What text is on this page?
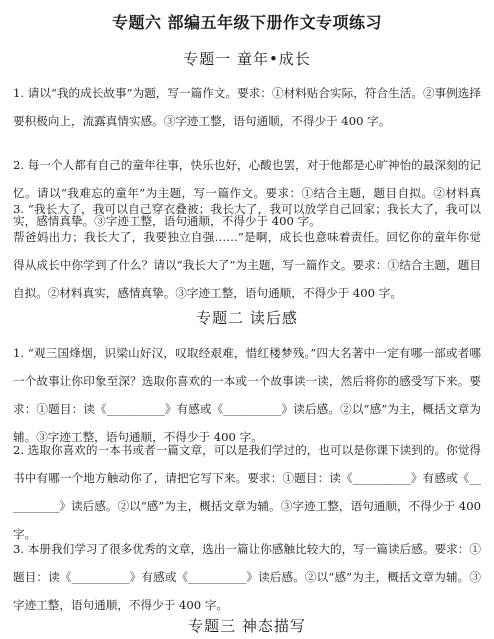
专题六 部编五年级下册作文专项练习
专题一 童年•成长
1. 请以“我的成长故事”为题，写一篇作文。要求：①材料贴合实际，符合生活。②事例选择要积极向上，流露真情实感。③字迹工整，语句通顺，不得少于 400 字。
2. 每一个人都有自己的童年往事，快乐也好，心酸也罢，对于他都是心旷神怡的最深刻的记忆。请以“我难忘的童年”为主题，写一篇作文。要求：①结合主题，题目自拟。②材料真实，感情真挚。③字迹工整，语句通顺，不得少于 400 字。
3. “我长大了，我可以自己穿衣叠被；我长大了，我可以放学自己回家；我长大了，我可以帮爸妈出力；我长大了，我要独立自强……”是啊，成长也意味着责任。回忆你的童年你觉得从成长中你学到了什么？请以“我长大了”为主题，写一篇作文。要求：①结合主题，题目自拟。②材料真实，感情真挚。③字迹工整，语句通顺，不得少于 400 字。
专题二 读后感
1. “观三国烽烟，识梁山好汉，叹取经艰难，惜红楼梦残。”四大名著中一定有哪一部或者哪一个故事让你印象至深？选取你喜欢的一本或一个故事读一读，然后将你的感受写下来。要求：①题目：读《__________》有感或《__________》读后感。②以“感”为主，概括文章为辅。③字迹工整，语句通顺，不得少于 400 字。
2. 选取你喜欢的一本书或者一篇文章，可以是我们学过的，也可以是你课下读到的。你觉得书中有哪一个地方触动你了，请把它写下来。要求：①题目：读《__________》有感或《__________》读后感。②以“感”为主，概括文章为辅。③字迹工整，语句通顺，不得少于 400 字。
3. 本册我们学习了很多优秀的文章，选出一篇让你感触比较大的，写一篇读后感。要求：①题目：读《__________》有感或《__________》读后感。②以“感”为主，概括文章为辅。③字迹工整，语句通顺，不得少于 400 字。
专题三 神态描写
